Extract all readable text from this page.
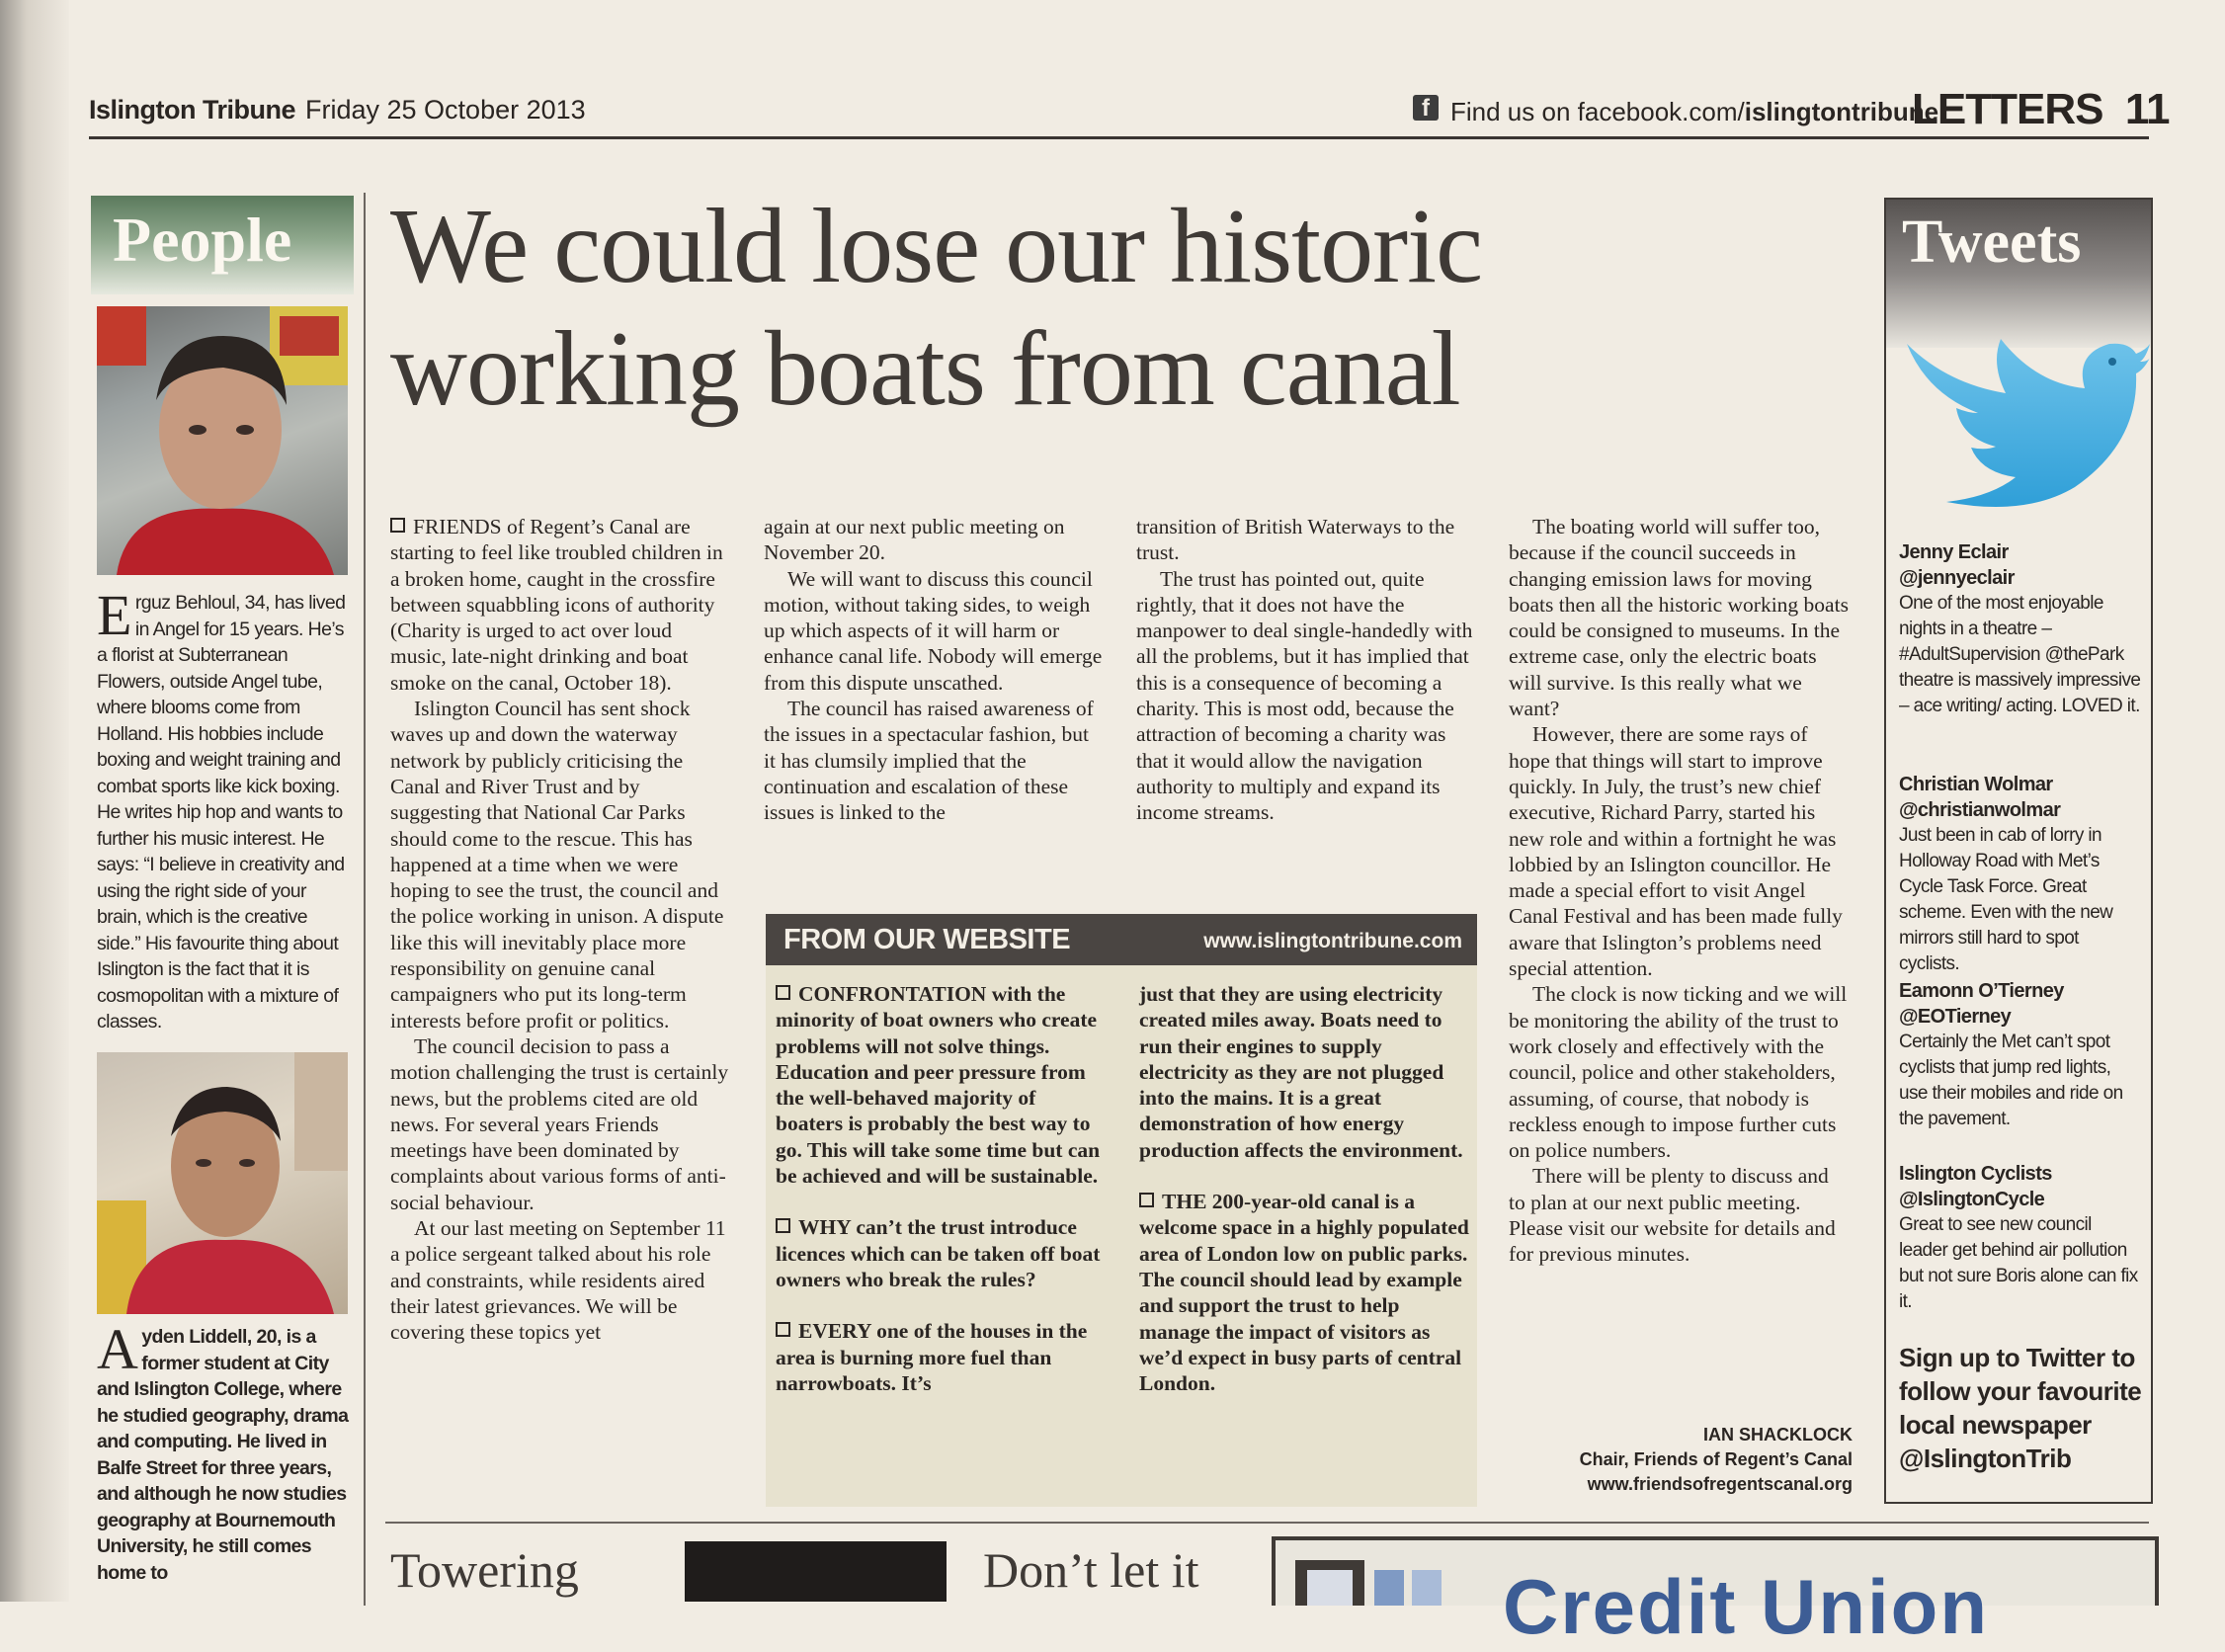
Islington Tribune Friday 25 October 2013	f Find us on facebook.com/islingtontribune
LETTERS 11
People
Erguz Behloul, 34, has lived in Angel for 15 years. He’s a florist at Subterranean Flowers, outside Angel tube, where blooms come from Holland. His hobbies include boxing and weight training and combat sports like kick boxing. He writes hip hop and wants to further his music interest. He says: “I believe in creativity and using the right side of your brain, which is the creative side.” His favourite thing about Islington is the fact that it is cosmopolitan with a mixture of classes.
Ayden Liddell, 20, is a former student at City and Islington College, where he studied geography, drama and computing. He lived in Balfe Street for three years, and although he now studies geography at Bournemouth University, he still comes home to
We could lose our historic working boats from canal

FRIENDS of Regent’s Canal are starting to feel like troubled children in a broken home, caught in the crossfire between squabbling icons of authority (Charity is urged to act over loud music, late-night drinking and boat smoke on the canal, October 18).

Islington Council has sent shock waves up and down the waterway network by publicly criticising the Canal and River Trust and by suggesting that National Car Parks should come to the rescue. This has happened at a time when we were hoping to see the trust, the council and the police working in unison. A dispute like this will inevitably place more responsibility on genuine canal campaigners who put its long-term interests before profit or politics.

The council decision to pass a motion challenging the trust is certainly news, but the problems cited are old news. For several years Friends meetings have been dominated by complaints about various forms of anti-social behaviour.

At our last meeting on September 11 a police sergeant talked about his role and constraints, while residents aired their latest grievances. We will be covering these topics yet

again at our next public meeting on November 20.

We will want to discuss this council motion, without taking sides, to weigh up which aspects of it will harm or enhance canal life. Nobody will emerge from this dispute unscathed.

The council has raised awareness of the issues in a spectacular fashion, but it has clumsily implied that the continuation and escalation of these issues is linked to the

transition of British Waterways to the trust.

The trust has pointed out, quite rightly, that it does not have the manpower to deal single-handedly with all the problems, but it has implied that this is a consequence of becoming a charity. This is most odd, because the attraction of becoming a charity was that it would allow the navigation authority to multiply and expand its income streams.

The boating world will suffer too, because if the council succeeds in changing emission laws for moving boats then all the historic working boats could be consigned to museums. In the extreme case, only the electric boats will survive. Is this really what we want?

However, there are some rays of hope that things will start to improve quickly. In July, the trust’s new chief executive, Richard Parry, started his new role and within a fortnight he was lobbied by an Islington councillor. He made a special effort to visit Angel Canal Festival and has been made fully aware that Islington’s problems need special attention.

The clock is now ticking and we will be monitoring the ability of the trust to work closely and effectively with the council, police and other stakeholders, assuming, of course, that nobody is reckless enough to impose further cuts on police numbers.

There will be plenty to discuss and to plan at our next public meeting. Please visit our website for details and for previous minutes.

FROM OUR WEBSITE	www.islingtontribune.com

CONFRONTATION with the minority of boat owners who create problems will not solve things. Education and peer pressure from the well-behaved majority of boaters is probably the best way to go. This will take some time but can be achieved and will be sustainable.

WHY can’t the trust introduce licences which can be taken off boat owners who break the rules?

EVERY one of the houses in the area is burning more fuel than narrowboats. It’s

just that they are using electricity created miles away. Boats need to run their engines to supply electricity as they are not plugged into the mains. It is a great demonstration of how energy production affects the environment.

THE 200-year-old canal is a welcome space in a highly populated area of London low on public parks. The council should lead by example and support the trust to help manage the impact of visitors as we’d expect in busy parts of central London.

IAN SHACKLOCK
Chair, Friends of Regent’s Canal
www.friendsofregentscanal.org
Tweets
Jenny Eclair
@jennyeclair
One of the most enjoyable nights in a theatre – #AdultSupervision @thePark theatre is massively impressive – ace writing/ acting. LOVED it.
Christian Wolmar
@christianwolmar
Just been in cab of lorry in Holloway Road with Met’s Cycle Task Force. Great scheme. Even with the new mirrors still hard to spot cyclists.
Eamonn O’Tierney
@EOTierney
Certainly the Met can’t spot cyclists that jump red lights, use their mobiles and ride on the pavement.
Islington Cyclists
@IslingtonCycle
Great to see new council leader get behind air pollution but not sure Boris alone can fix it.
Sign up to Twitter to follow your favourite local newspaper @IslingtonTrib
Towering	Don’t let it	Credit Union
